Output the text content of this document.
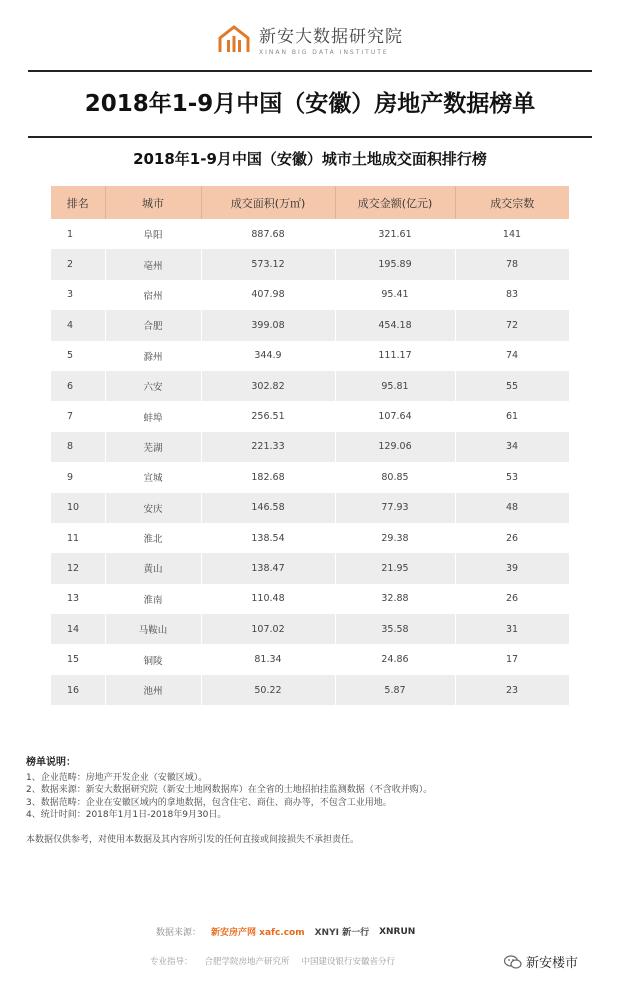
新安大数据研究院
XINAN BIG DATA INSTITUTE
2018年1-9月中国（安徽）房地产数据榜单
2018年1-9月中国（安徽）城市土地成交面积排行榜
排名	城市	成交面积(万㎡)	成交金额(亿元)	成交宗数
1	阜阳	887.68	321.61	141
2	亳州	573.12	195.89	78
3	宿州	407.98	95.41	83
4	合肥	399.08	454.18	72
5	滁州	344.9	111.17	74
6	六安	302.82	95.81	55
7	蚌埠	256.51	107.64	61
8	芜湖	221.33	129.06	34
9	宣城	182.68	80.85	53
10	安庆	146.58	77.93	48
11	淮北	138.54	29.38	26
12	黄山	138.47	21.95	39
13	淮南	110.48	32.88	26
14	马鞍山	107.02	35.58	31
15	铜陵	81.34	24.86	17
16	池州	50.22	5.87	23
榜单说明：
1、企业范畴：房地产开发企业（安徽区域）。
2、数据来源：新安大数据研究院（新安土地网数据库）在全省的土地招拍挂监测数据（不含收并购）。
3、数据范畴：企业在安徽区域内的拿地数据，包含住宅、商住、商办等，不包含工业用地。
4、统计时间：2018年1月1日-2018年9月30日。
本数据仅供参考，对使用本数据及其内容所引发的任何直接或间接损失不承担责任。
数据来源： 新安房产网 xafc.com XNYI 新一行 XNRUN
专业指导： 合肥学院房地产研究所 中国建设银行安徽省分行	新安楼市
